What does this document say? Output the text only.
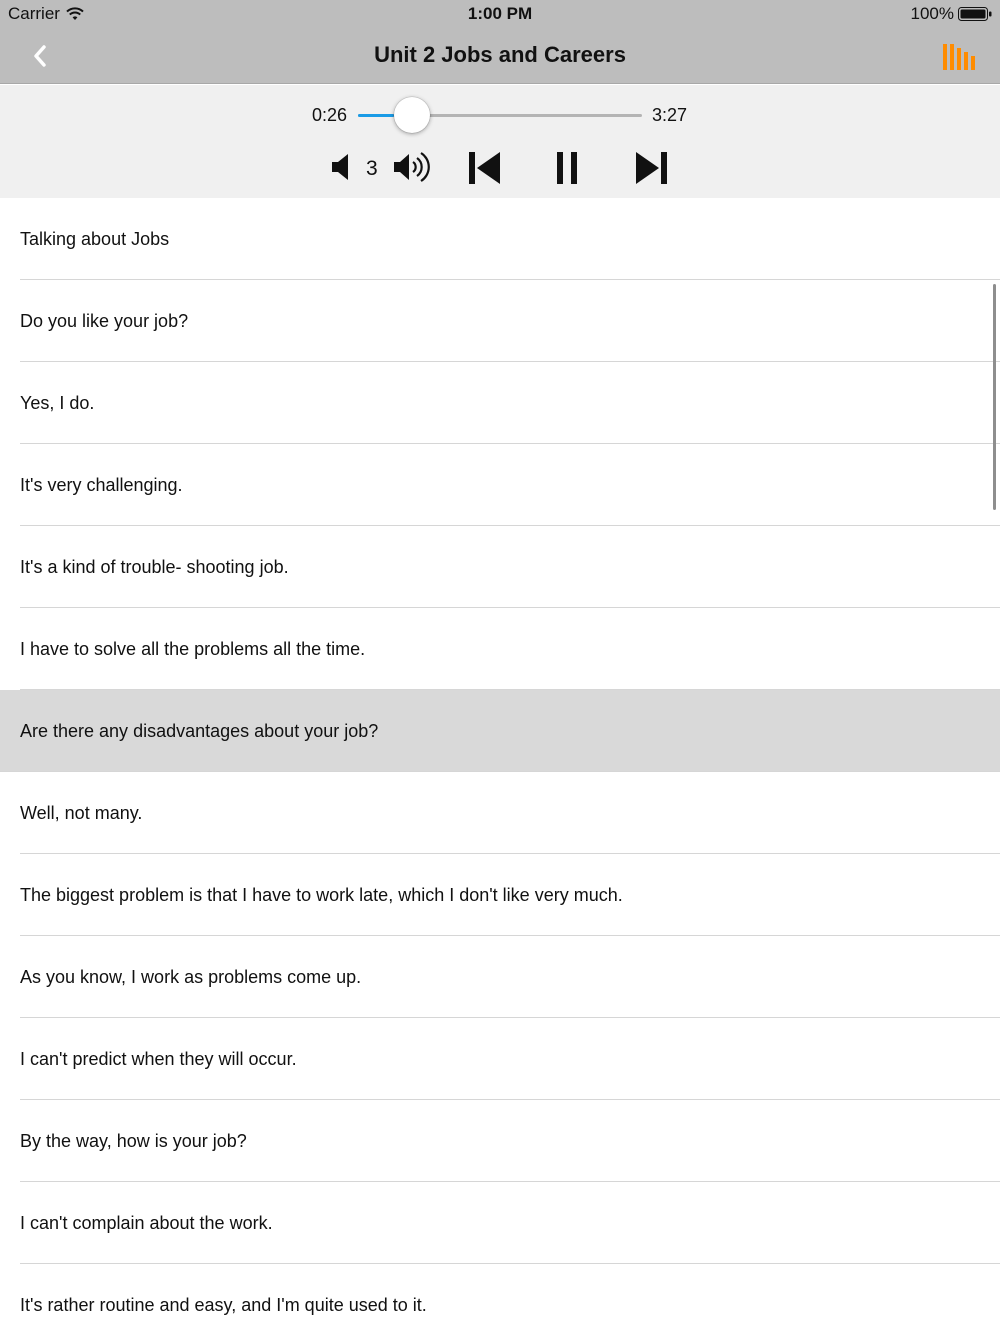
Carrier	1:00 PM	100%
Unit 2 Jobs and Careers
0:26	3:27
3
Talking about Jobs
Do you like your job?
Yes, I do.
It's very challenging.
It's a kind of trouble- shooting job.
I have to solve all the problems all the time.
Are there any disadvantages about your job?
Well, not many.
The biggest problem is that I have to work late, which I don't like very much.
As you know, I work as problems come up.
I can't predict when they will occur.
By the way, how is your job?
I can't complain about the work.
It's rather routine and easy, and I'm quite used to it.
